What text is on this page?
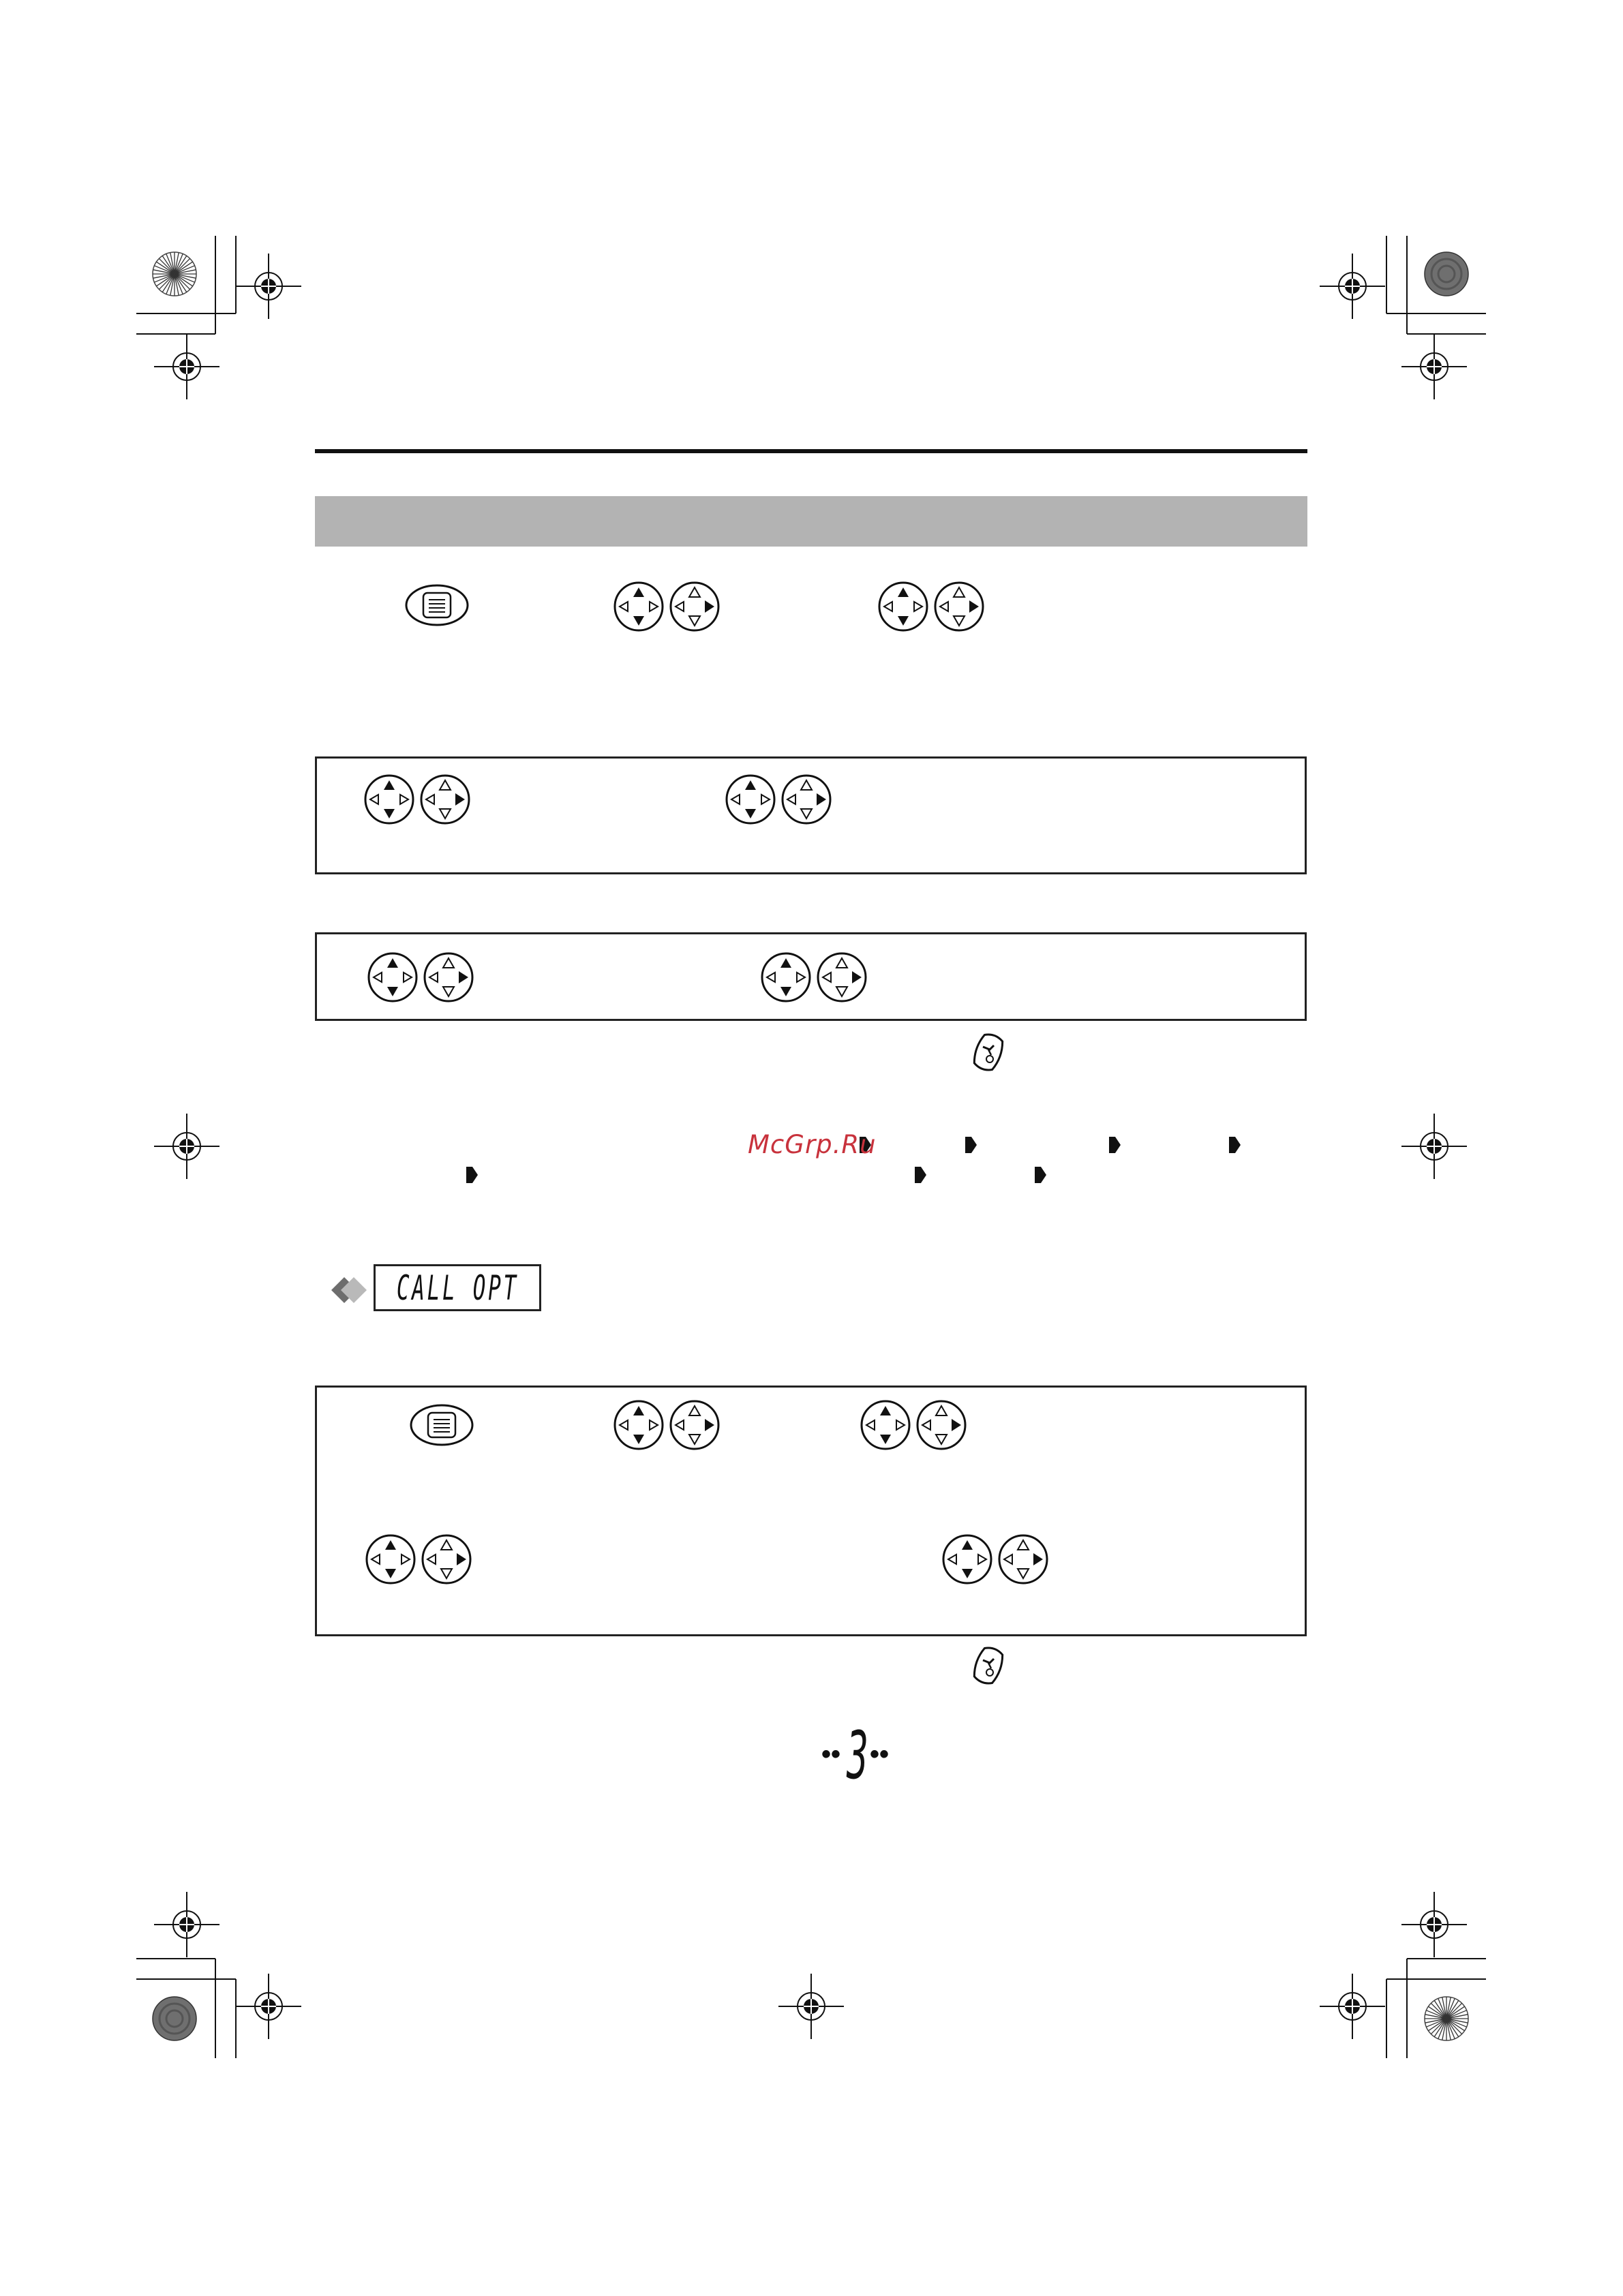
CALL OPT
McGrp.Ru
•• 3 ••
